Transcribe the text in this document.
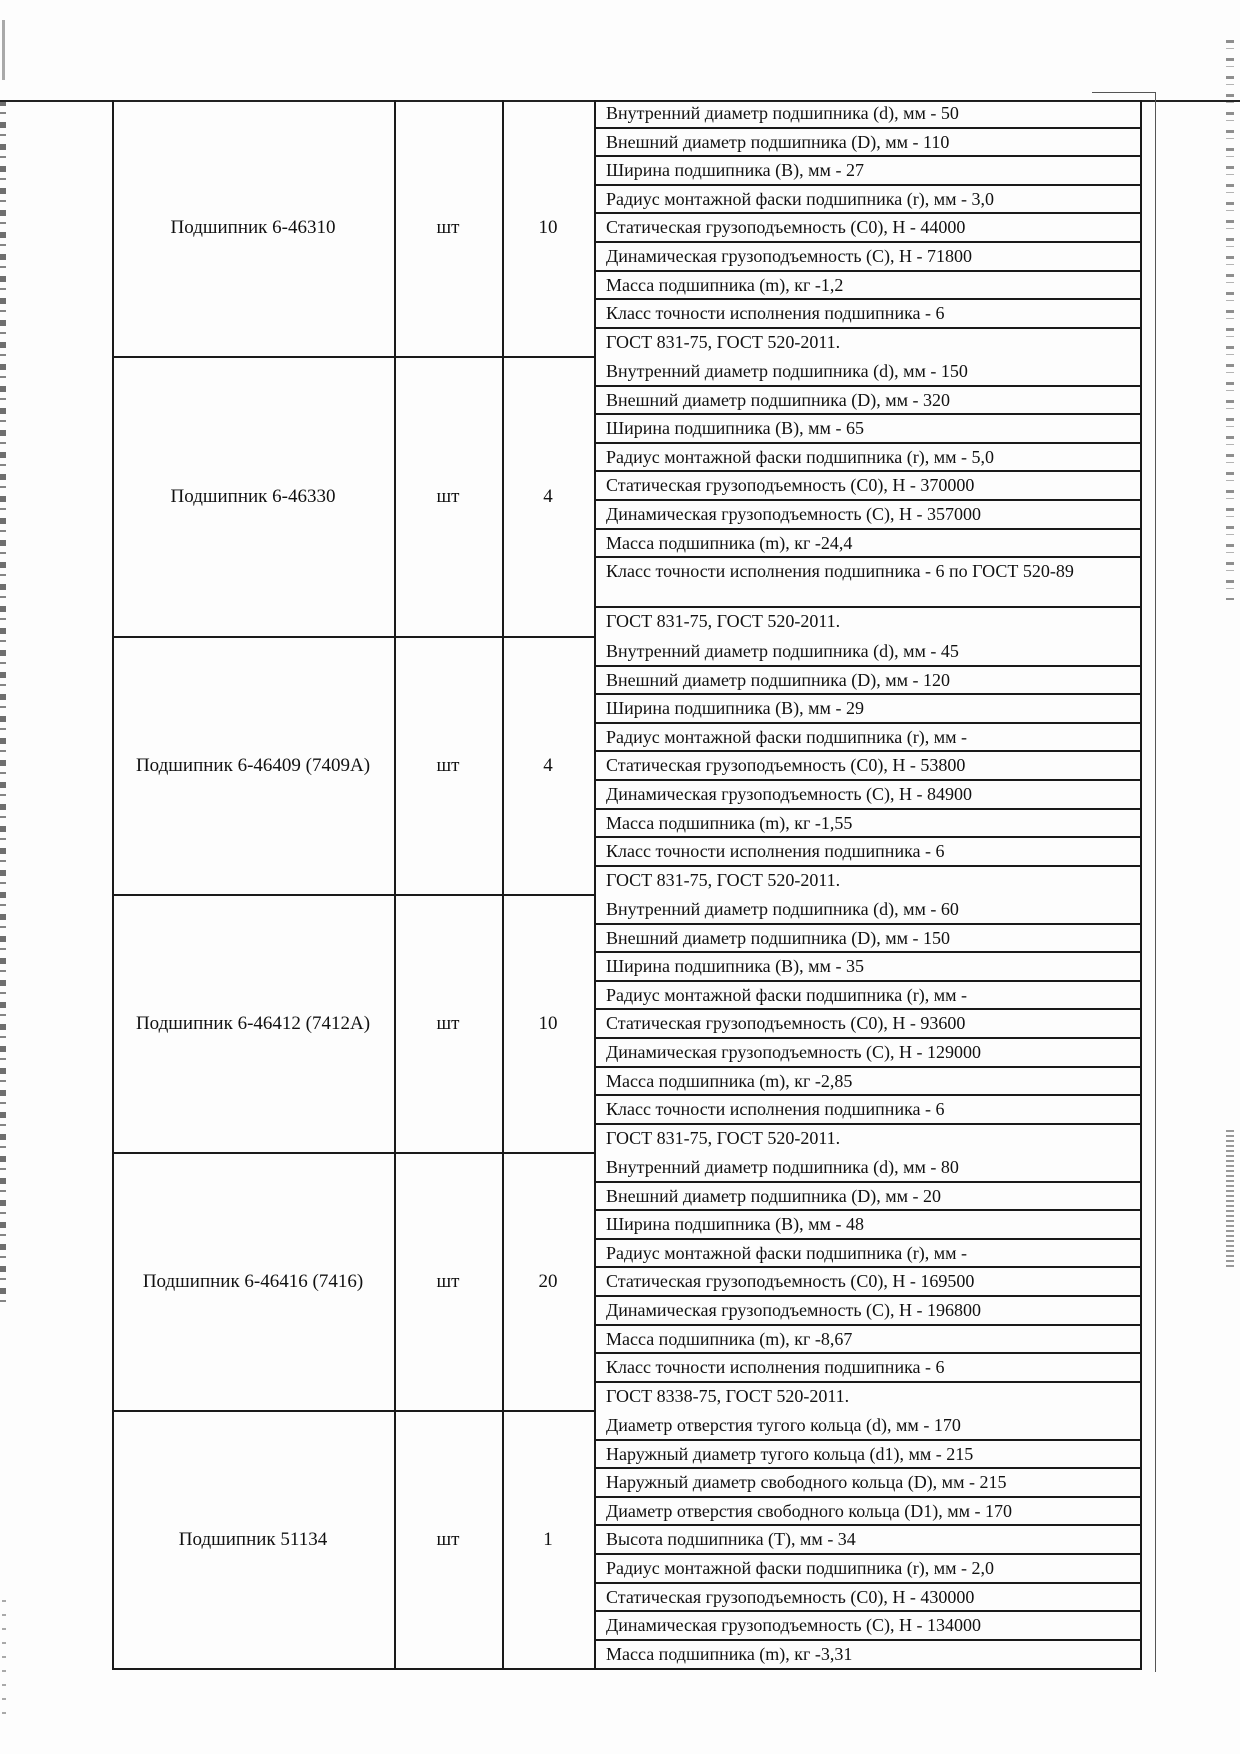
Подшипник 6-46310	шт	10
Внутренний диаметр подшипника (d), мм - 50
Внешний диаметр подшипника (D), мм - 110
Ширина подшипника (В), мм - 27
Радиус монтажной фаски подшипника (r), мм - 3,0
Статическая грузоподъемность (С0), Н - 44000
Динамическая грузоподъемность (С), Н - 71800
Масса подшипника (m), кг -1,2
Класс точности исполнения подшипника - 6
ГОСТ 831-75, ГОСТ 520-2011.
Подшипник 6-46330	шт	4
Внутренний диаметр подшипника (d), мм - 150
Внешний диаметр подшипника (D), мм - 320
Ширина подшипника (В), мм - 65
Радиус монтажной фаски подшипника (r), мм - 5,0
Статическая грузоподъемность (С0), Н - 370000
Динамическая грузоподъемность (С), Н - 357000
Масса подшипника (m), кг -24,4
Класс точности исполнения подшипника - 6 по ГОСТ 520-89
ГОСТ 831-75, ГОСТ 520-2011.
Подшипник 6-46409 (7409А)	шт	4
Внутренний диаметр подшипника (d), мм - 45
Внешний диаметр подшипника (D), мм - 120
Ширина подшипника (В), мм - 29
Радиус монтажной фаски подшипника (r), мм -
Статическая грузоподъемность (С0), Н - 53800
Динамическая грузоподъемность (С), Н - 84900
Масса подшипника (m), кг -1,55
Класс точности исполнения подшипника - 6
ГОСТ 831-75, ГОСТ 520-2011.
Подшипник 6-46412 (7412А)	шт	10
Внутренний диаметр подшипника (d), мм - 60
Внешний диаметр подшипника (D), мм - 150
Ширина подшипника (В), мм - 35
Радиус монтажной фаски подшипника (r), мм -
Статическая грузоподъемность (С0), Н - 93600
Динамическая грузоподъемность (С), Н - 129000
Масса подшипника (m), кг -2,85
Класс точности исполнения подшипника - 6
ГОСТ 831-75, ГОСТ 520-2011.
Подшипник 6-46416 (7416)	шт	20
Внутренний диаметр подшипника (d), мм - 80
Внешний диаметр подшипника (D), мм - 20
Ширина подшипника (В), мм - 48
Радиус монтажной фаски подшипника (r), мм -
Статическая грузоподъемность (С0), Н - 169500
Динамическая грузоподъемность (С), Н - 196800
Масса подшипника (m), кг -8,67
Класс точности исполнения подшипника - 6
ГОСТ 8338-75, ГОСТ 520-2011.
Подшипник 51134	шт	1
Диаметр отверстия тугого кольца (d), мм - 170
Наружный диаметр тугого кольца (d1), мм - 215
Наружный диаметр свободного кольца (D), мм - 215
Диаметр отверстия свободного кольца (D1), мм - 170
Высота подшипника (Т), мм - 34
Радиус монтажной фаски подшипника (r), мм - 2,0
Статическая грузоподъемность (С0), Н - 430000
Динамическая грузоподъемность (С), Н - 134000
Масса подшипника (m), кг -3,31
